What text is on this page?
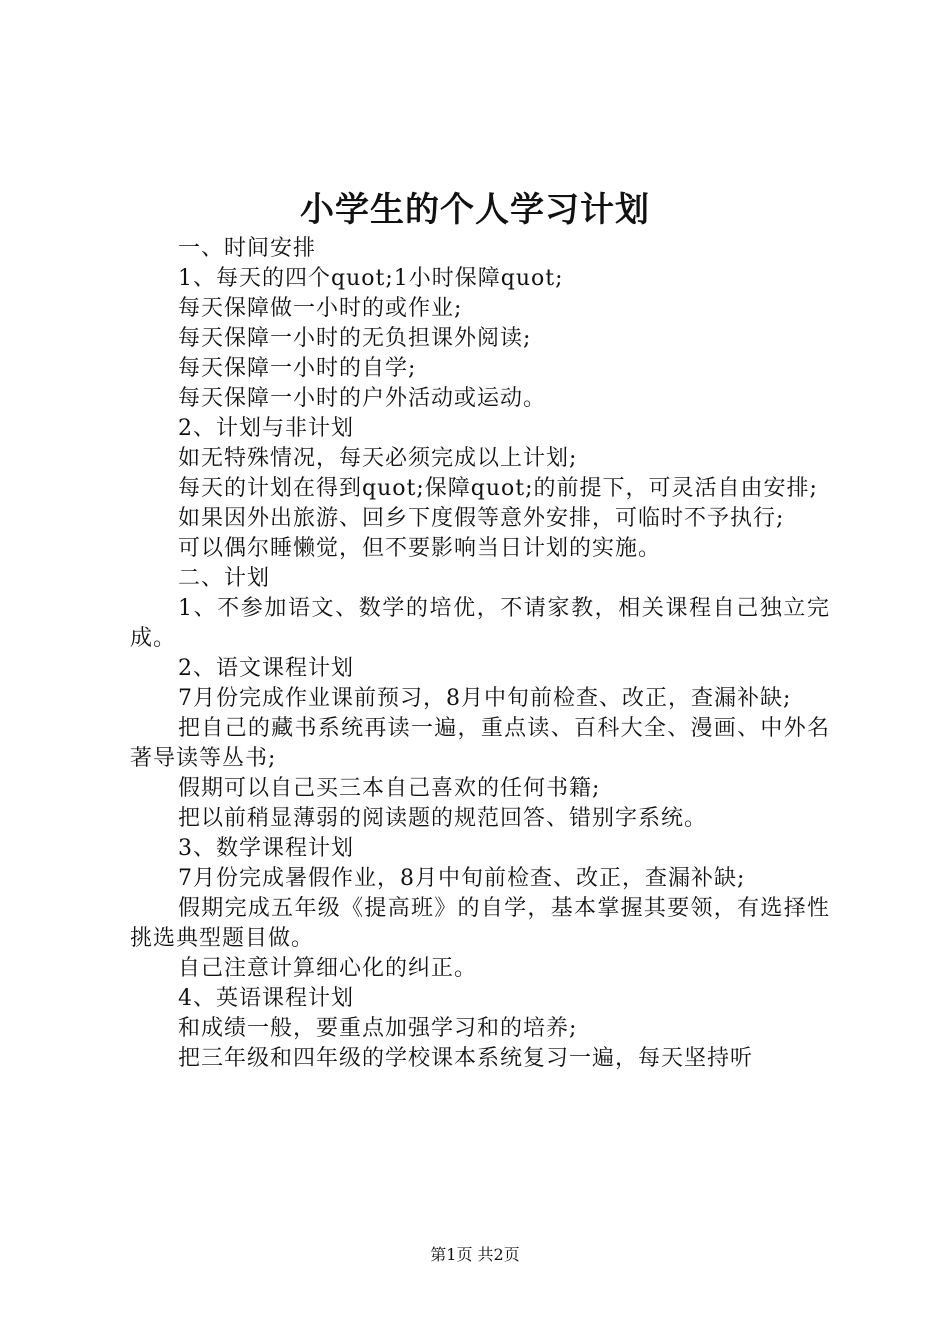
小学生的个人学习计划

一、时间安排

1、每天的四个quot;1小时保障quot;

每天保障做一小时的或作业;

每天保障一小时的无负担课外阅读;

每天保障一小时的自学;

每天保障一小时的户外活动或运动。

2、计划与非计划

如无特殊情况，每天必须完成以上计划;

每天的计划在得到quot;保障quot;的前提下，可灵活自由安排;

如果因外出旅游、回乡下度假等意外安排，可临时不予执行;

可以偶尔睡懒觉，但不要影响当日计划的实施。

二、计划

1、不参加语文、数学的培优，不请家教，相关课程自己独立完成。

2、语文课程计划

7月份完成作业课前预习，8月中旬前检查、改正，查漏补缺;

把自己的藏书系统再读一遍，重点读、百科大全、漫画、中外名著导读等丛书;

假期可以自己买三本自己喜欢的任何书籍;

把以前稍显薄弱的阅读题的规范回答、错别字系统。

3、数学课程计划

7月份完成暑假作业，8月中旬前检查、改正，查漏补缺;

假期完成五年级《提高班》的自学，基本掌握其要领，有选择性挑选典型题目做。

自己注意计算细心化的纠正。

4、英语课程计划

和成绩一般，要重点加强学习和的培养;

把三年级和四年级的学校课本系统复习一遍，每天坚持听

第1页 共2页
